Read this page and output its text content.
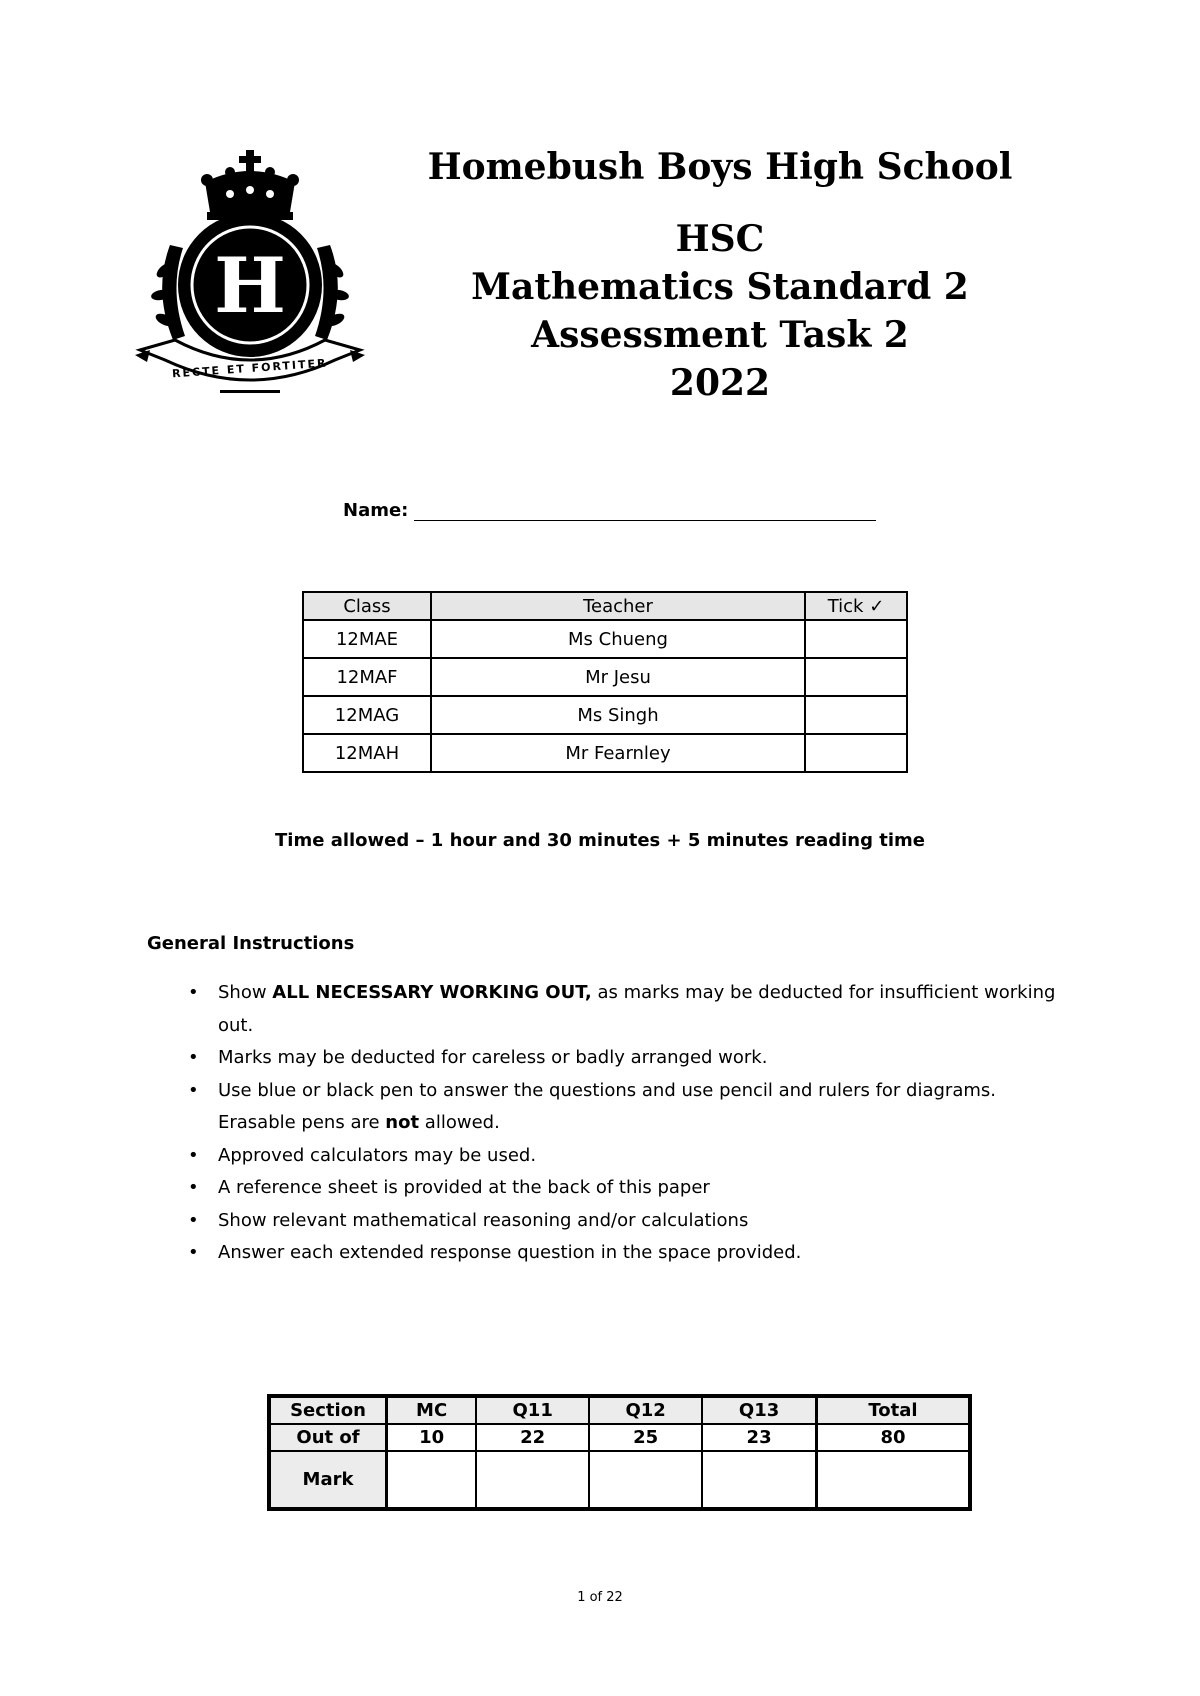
H
RECTE ET FORTITER
Homebush Boys High School
HSC
Mathematics Standard 2
Assessment Task 2
2022
Name:
Class	Teacher	Tick ✓
12MAE	Ms Chueng	
12MAF	Mr Jesu	
12MAG	Ms Singh	
12MAH	Mr Fearnley	
Time allowed – 1 hour and 30 minutes + 5 minutes reading time
General Instructions
• Show ALL NECESSARY WORKING OUT, as marks may be deducted for insufficient working out.
• Marks may be deducted for careless or badly arranged work.
• Use blue or black pen to answer the questions and use pencil and rulers for diagrams. Erasable pens are not allowed.
• Approved calculators may be used.
• A reference sheet is provided at the back of this paper
• Show relevant mathematical reasoning and/or calculations
• Answer each extended response question in the space provided.
Section	MC	Q11	Q12	Q13	Total
Out of	10	22	25	23	80
Mark					
1 of 22
